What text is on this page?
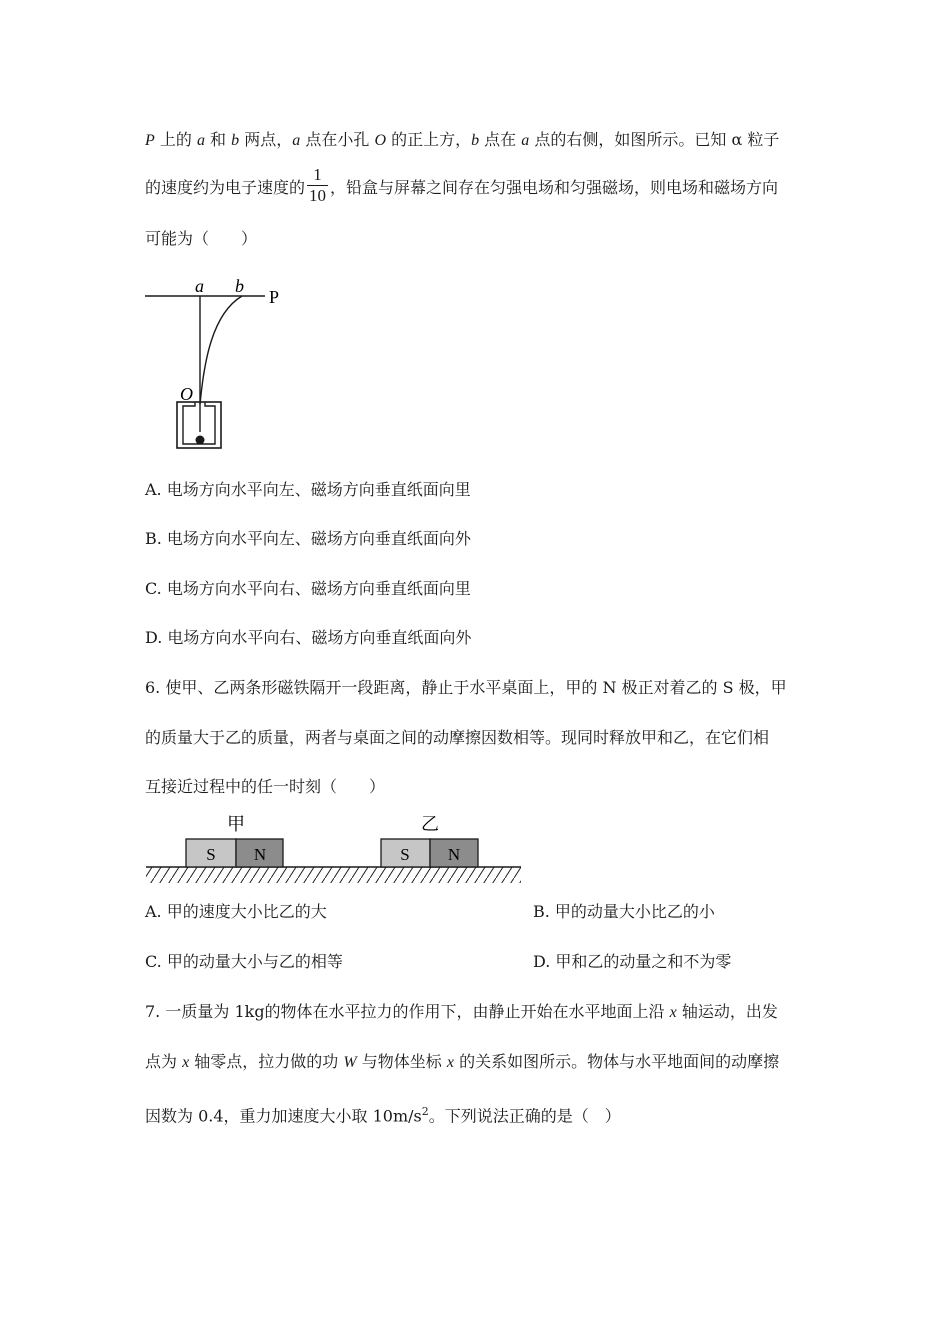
P 上的 a 和 b 两点，a 点在小孔 O 的正上方，b 点在 a 点的右侧，如图所示。已知 α 粒子
的速度约为电子速度的 $\frac{1}{10}$ ，铅盒与屏幕之间存在匀强电场和匀强磁场，则电场和磁场方向
可能为（　　）
a b
P
O
A. 电场方向水平向左、磁场方向垂直纸面向里
B. 电场方向水平向左、磁场方向垂直纸面向外
C. 电场方向水平向右、磁场方向垂直纸面向里
D. 电场方向水平向右、磁场方向垂直纸面向外
6. 使甲、乙两条形磁铁隔开一段距离，静止于水平桌面上，甲的 N 极正对着乙的 S 极，甲
的质量大于乙的质量，两者与桌面之间的动摩擦因数相等。现同时释放甲和乙，在它们相
互接近过程中的任一时刻（　　）
S N
甲
S N
乙
A. 甲的速度大小比乙的大	B. 甲的动量大小比乙的小
C. 甲的动量大小与乙的相等	D. 甲和乙的动量之和不为零
7. 一质量为 1kg的物体在水平拉力的作用下，由静止开始在水平地面上沿 x 轴运动，出发
点为 x 轴零点，拉力做的功 W 与物体坐标 x 的关系如图所示。物体与水平地面间的动摩擦
因数为 0.4，重力加速度大小取 $10m/s^2$。下列说法正确的是（　）
